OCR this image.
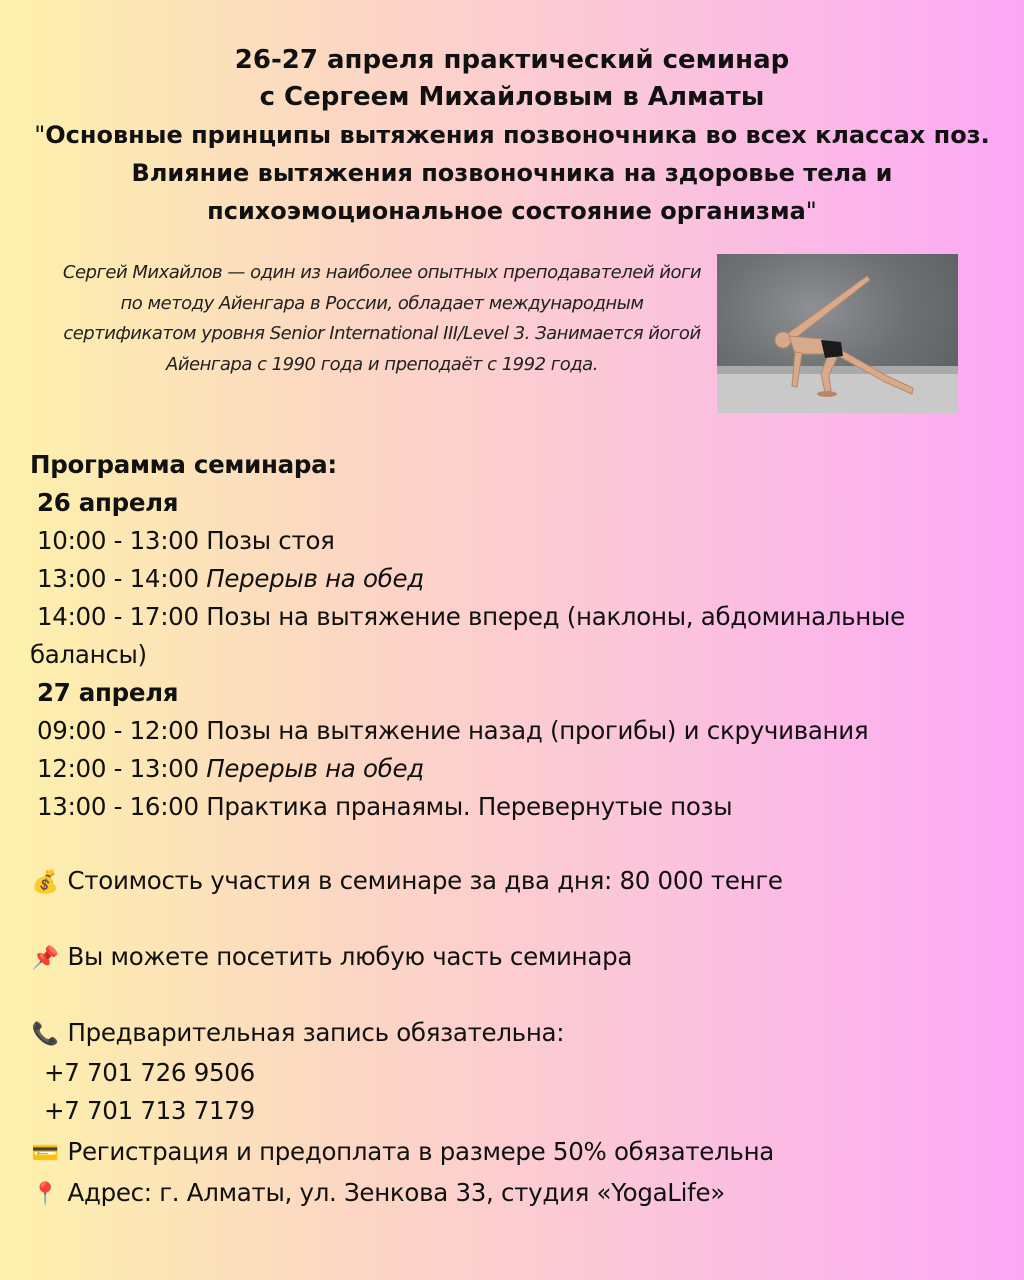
26-27 апреля практический семинар
с Сергеем Михайловым в Алматы
"Основные принципы вытяжения позвоночника во всех классах поз. Влияние вытяжения позвоночника на здоровье тела и психоэмоциональное состояние организма"
Сергей Михайлов — один из наиболее опытных преподавателей йоги по методу Айенгара в России, обладает международным сертификатом уровня Senior International III/Level 3. Занимается йогой Айенгара с 1990 года и преподаёт с 1992 года.
Программа семинара:
26 апреля
10:00 - 13:00 Позы стоя
13:00 - 14:00 Перерыв на обед
14:00 - 17:00 Позы на вытяжение вперед (наклоны, абдоминальные балансы)
27 апреля
09:00 - 12:00 Позы на вытяжение назад (прогибы) и скручивания
12:00 - 13:00 Перерыв на обед
13:00 - 16:00 Практика пранаямы. Перевернутые позы
💰 Стоимость участия в семинаре за два дня: 80 000 тенге
📌 Вы можете посетить любую часть семинара
📞 Предварительная запись обязательна:
+7 701 726 9506
+7 701 713 7179
💳 Регистрация и предоплата в размере 50% обязательна
📍 Адрес: г. Алматы, ул. Зенкова 33, студия «YogaLife»
